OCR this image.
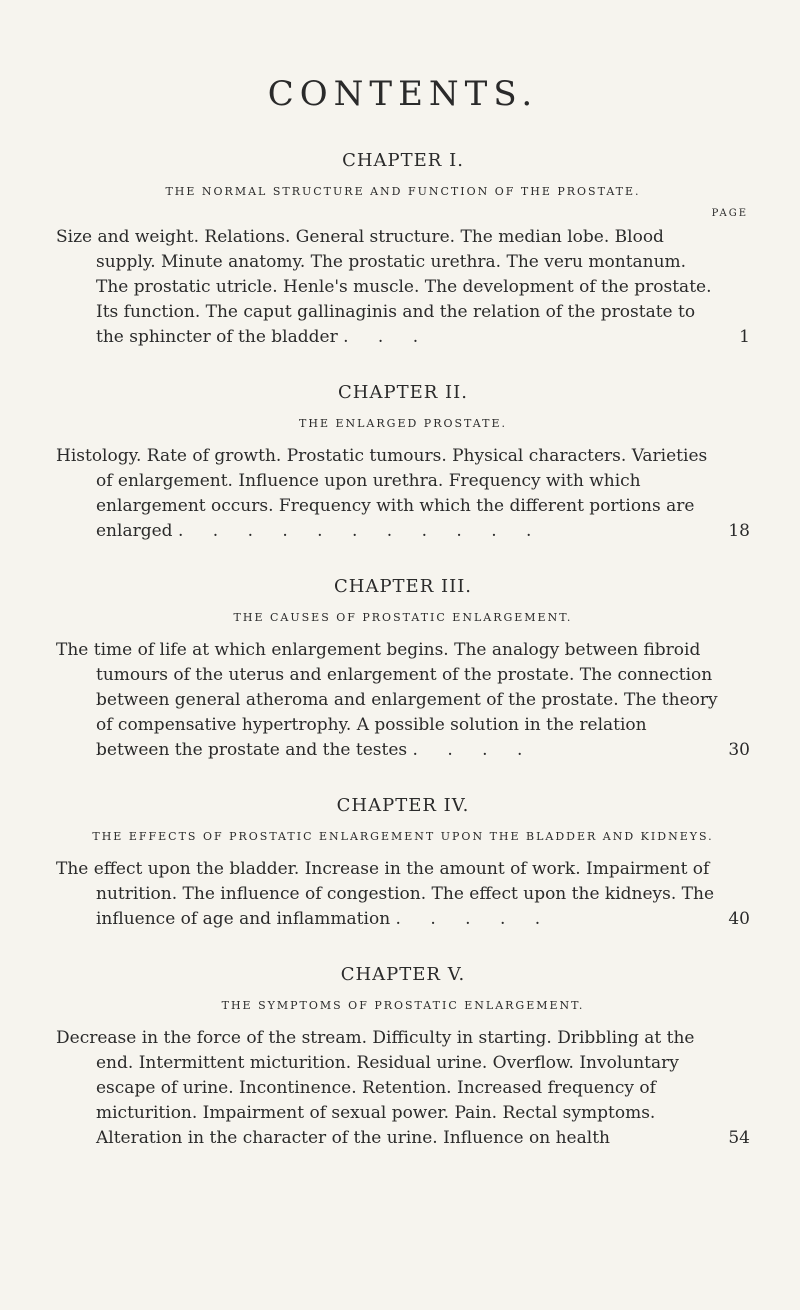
CONTENTS.
CHAPTER I.
THE NORMAL STRUCTURE AND FUNCTION OF THE PROSTATE.
PAGE
Size and weight. Relations. General structure. The median lobe. Blood supply. Minute anatomy. The prostatic urethra. The veru montanum. The prostatic utricle. Henle's muscle. The development of the prostate. Its function. The caput gallinaginis and the relation of the prostate to the sphincter of the bladder . . .	1
CHAPTER II.
THE ENLARGED PROSTATE.
Histology. Rate of growth. Prostatic tumours. Physical characters. Varieties of enlargement. Influence upon urethra. Frequency with which enlargement occurs. Frequency with which the different portions are enlarged . . . . . . . . . . .	18
CHAPTER III.
THE CAUSES OF PROSTATIC ENLARGEMENT.
The time of life at which enlargement begins. The analogy between fibroid tumours of the uterus and enlargement of the prostate. The connection between general atheroma and enlargement of the prostate. The theory of compensative hypertrophy. A possible solution in the relation between the prostate and the testes . . . .	30
CHAPTER IV.
THE EFFECTS OF PROSTATIC ENLARGEMENT UPON THE BLADDER AND KIDNEYS.
The effect upon the bladder. Increase in the amount of work. Impairment of nutrition. The influence of congestion. The effect upon the kidneys. The influence of age and inflammation . . . . .	40
CHAPTER V.
THE SYMPTOMS OF PROSTATIC ENLARGEMENT.
Decrease in the force of the stream. Difficulty in starting. Dribbling at the end. Intermittent micturition. Residual urine. Overflow. Involuntary escape of urine. Incontinence. Retention. Increased frequency of micturition. Impairment of sexual power. Pain. Rectal symptoms. Alteration in the character of the urine. Influence on health	54
